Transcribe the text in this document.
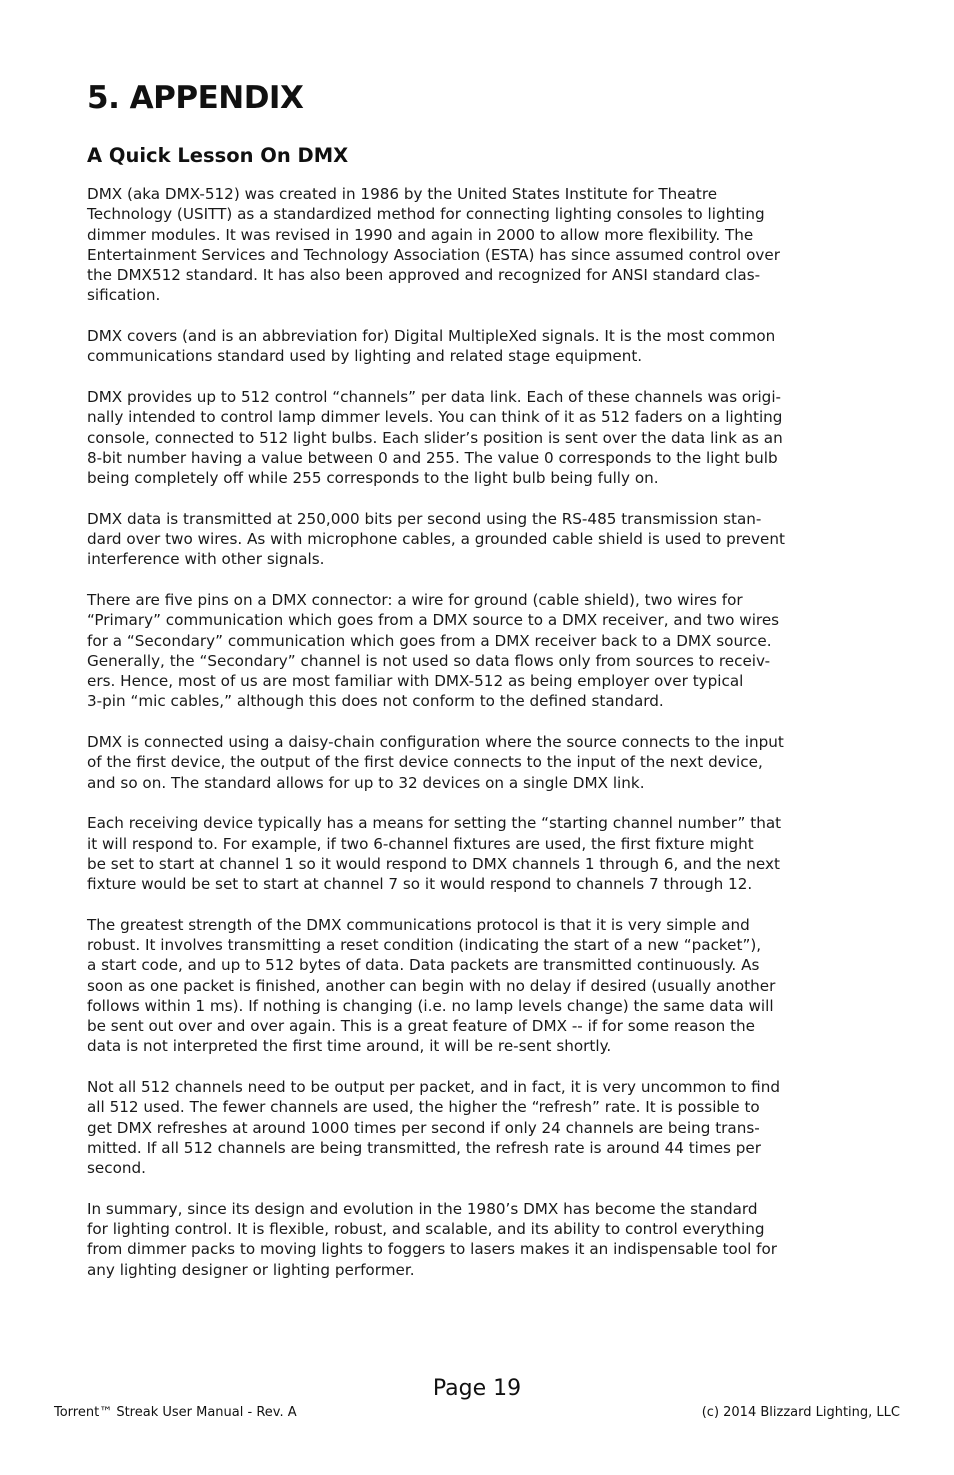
5. APPENDIX
A Quick Lesson On DMX

DMX (aka DMX-512) was created in 1986 by the United States Institute for Theatre
Technology (USITT) as a standardized method for connecting lighting consoles to lighting
dimmer modules. It was revised in 1990 and again in 2000 to allow more flexibility. The
Entertainment Services and Technology Association (ESTA) has since assumed control over
the DMX512 standard. It has also been approved and recognized for ANSI standard clas-
sification.

DMX covers (and is an abbreviation for) Digital MultipleXed signals. It is the most common
communications standard used by lighting and related stage equipment.

DMX provides up to 512 control “channels” per data link. Each of these channels was origi-
nally intended to control lamp dimmer levels. You can think of it as 512 faders on a lighting
console, connected to 512 light bulbs. Each slider’s position is sent over the data link as an
8-bit number having a value between 0 and 255. The value 0 corresponds to the light bulb
being completely off while 255 corresponds to the light bulb being fully on.

DMX data is transmitted at 250,000 bits per second using the RS-485 transmission stan-
dard over two wires. As with microphone cables, a grounded cable shield is used to prevent
interference with other signals.

There are five pins on a DMX connector: a wire for ground (cable shield), two wires for
“Primary” communication which goes from a DMX source to a DMX receiver, and two wires
for a “Secondary” communication which goes from a DMX receiver back to a DMX source.
Generally, the “Secondary” channel is not used so data flows only from sources to receiv-
ers. Hence, most of us are most familiar with DMX-512 as being employer over typical
3-pin “mic cables,” although this does not conform to the defined standard.

DMX is connected using a daisy-chain configuration where the source connects to the input
of the first device, the output of the first device connects to the input of the next device,
and so on. The standard allows for up to 32 devices on a single DMX link.

Each receiving device typically has a means for setting the “starting channel number” that
it will respond to. For example, if two 6-channel fixtures are used, the first fixture might
be set to start at channel 1 so it would respond to DMX channels 1 through 6, and the next
fixture would be set to start at channel 7 so it would respond to channels 7 through 12.

The greatest strength of the DMX communications protocol is that it is very simple and
robust. It involves transmitting a reset condition (indicating the start of a new “packet”),
a start code, and up to 512 bytes of data. Data packets are transmitted continuously. As
soon as one packet is finished, another can begin with no delay if desired (usually another
follows within 1 ms). If nothing is changing (i.e. no lamp levels change) the same data will
be sent out over and over again. This is a great feature of DMX -- if for some reason the
data is not interpreted the first time around, it will be re-sent shortly.

Not all 512 channels need to be output per packet, and in fact, it is very uncommon to find
all 512 used. The fewer channels are used, the higher the “refresh” rate. It is possible to
get DMX refreshes at around 1000 times per second if only 24 channels are being trans-
mitted. If all 512 channels are being transmitted, the refresh rate is around 44 times per
second.

In summary, since its design and evolution in the 1980’s DMX has become the standard
for lighting control. It is flexible, robust, and scalable, and its ability to control everything
from dimmer packs to moving lights to foggers to lasers makes it an indispensable tool for
any lighting designer or lighting performer.

Page 19
Torrent™ Streak User Manual - Rev. A	(c) 2014 Blizzard Lighting, LLC
